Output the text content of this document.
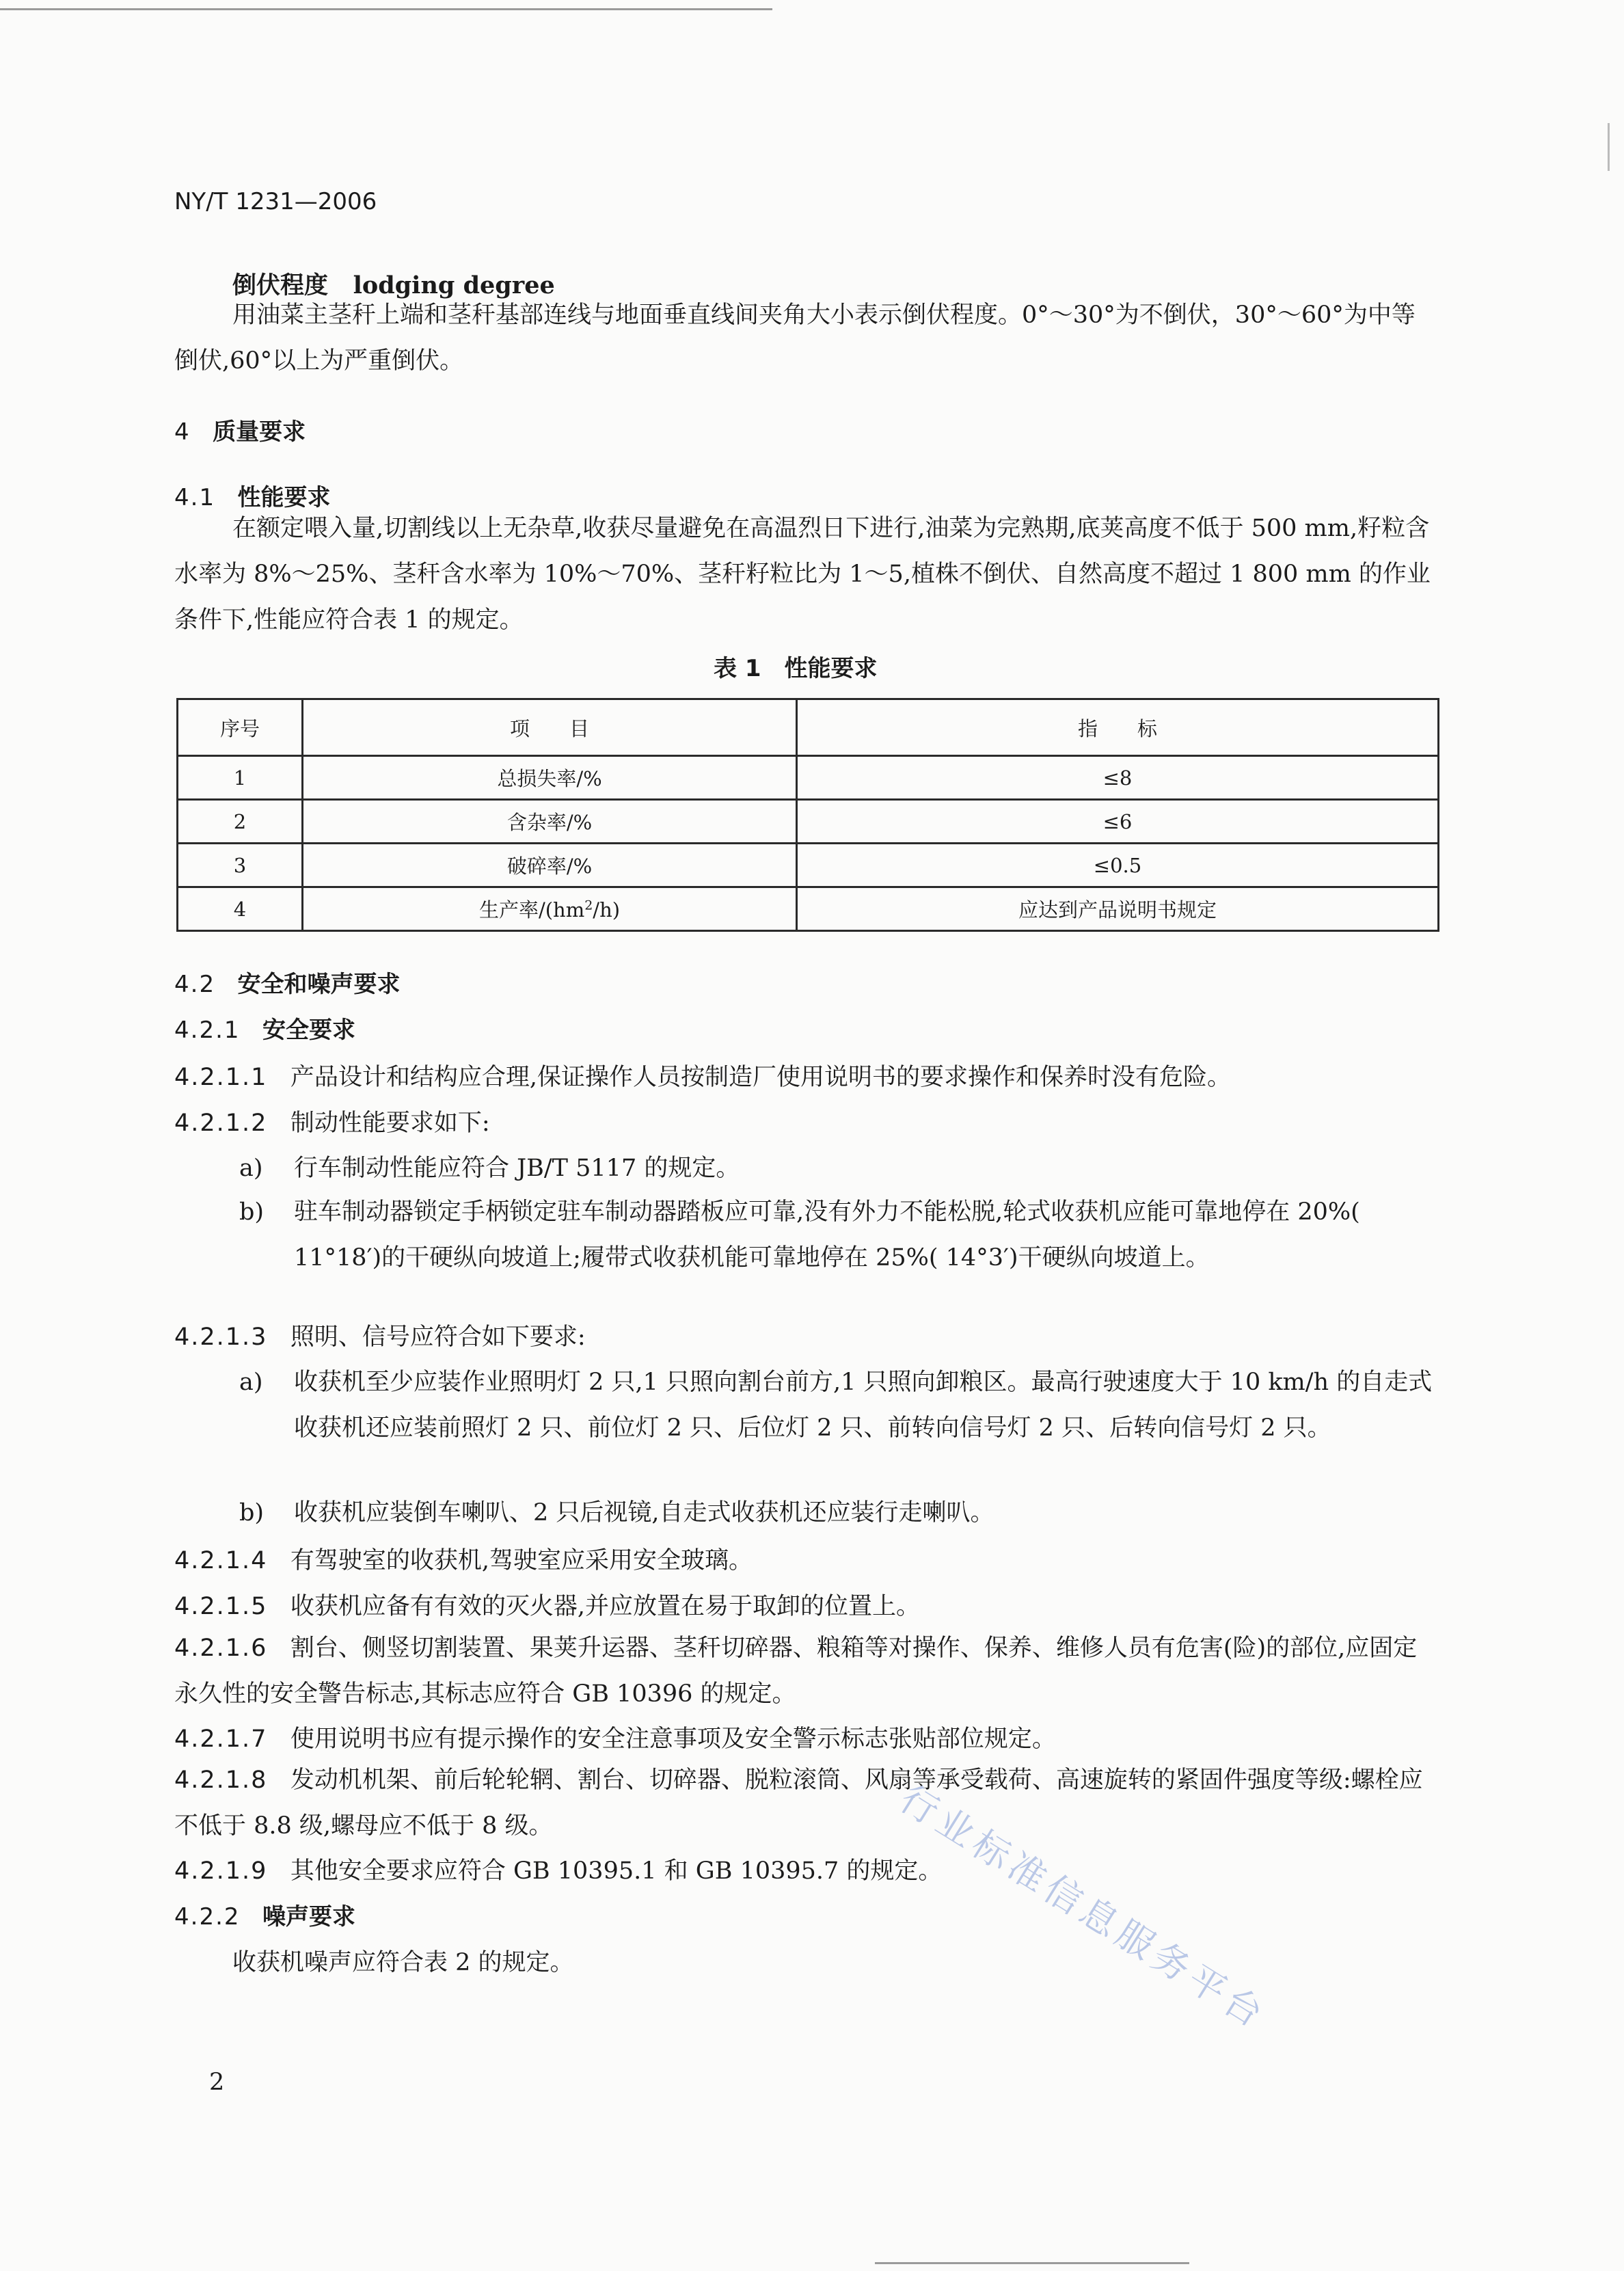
NY/T 1231—2006
倒伏程度 lodging degree
用油菜主茎秆上端和茎秆基部连线与地面垂直线间夹角大小表示倒伏程度。0°～30°为不倒伏，30°～60°为中等倒伏,60°以上为严重倒伏。
4 质量要求
4.1 性能要求
在额定喂入量,切割线以上无杂草,收获尽量避免在高温烈日下进行,油菜为完熟期,底荚高度不低于 500 mm,籽粒含水率为 8%～25%、茎秆含水率为 10%～70%、茎秆籽粒比为 1～5,植株不倒伏、自然高度不超过 1 800 mm 的作业条件下,性能应符合表 1 的规定。
表 1　性能要求
序号	项　　目	指　　标
1	总损失率/%	≤8
2	含杂率/%	≤6
3	破碎率/%	≤0.5
4	生产率$/(hm^2/h)$	应达到产品说明书规定
4.2 安全和噪声要求
4.2.1 安全要求
4.2.1.1 产品设计和结构应合理,保证操作人员按制造厂使用说明书的要求操作和保养时没有危险。
4.2.1.2 制动性能要求如下:
a) 行车制动性能应符合 JB/T 5117 的规定。
b) 驻车制动器锁定手柄锁定驻车制动器踏板应可靠,没有外力不能松脱,轮式收获机应能可靠地停在 20%( 11°18′)的干硬纵向坡道上;履带式收获机能可靠地停在 25%( 14°3′)干硬纵向坡道上。
4.2.1.3 照明、信号应符合如下要求:
a) 收获机至少应装作业照明灯 2 只,1 只照向割台前方,1 只照向卸粮区。最高行驶速度大于 10 km/h 的自走式收获机还应装前照灯 2 只、前位灯 2 只、后位灯 2 只、前转向信号灯 2 只、后转向信号灯 2 只。
b) 收获机应装倒车喇叭、2 只后视镜,自走式收获机还应装行走喇叭。
4.2.1.4 有驾驶室的收获机,驾驶室应采用安全玻璃。
4.2.1.5 收获机应备有有效的灭火器,并应放置在易于取卸的位置上。
4.2.1.6 割台、侧竖切割装置、果荚升运器、茎秆切碎器、粮箱等对操作、保养、维修人员有危害(险)的部位,应固定永久性的安全警告标志,其标志应符合 GB 10396 的规定。
4.2.1.7 使用说明书应有提示操作的安全注意事项及安全警示标志张贴部位规定。
4.2.1.8 发动机机架、前后轮轮辋、割台、切碎器、脱粒滚筒、风扇等承受载荷、高速旋转的紧固件强度等级:螺栓应不低于 8.8 级,螺母应不低于 8 级。
4.2.1.9 其他安全要求应符合 GB 10395.1 和 GB 10395.7 的规定。
4.2.2 噪声要求
收获机噪声应符合表 2 的规定。	行业标准信息服务平台
2
